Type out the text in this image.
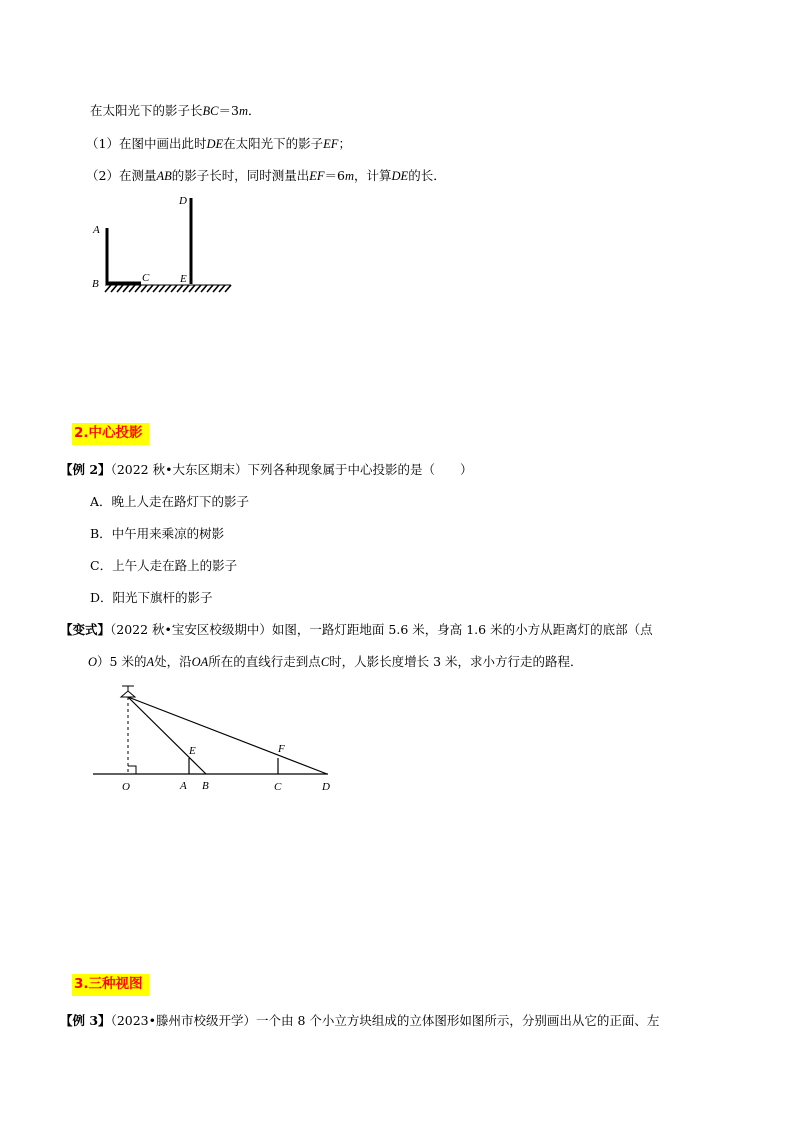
在太阳光下的影子长BC＝3m．
（1）在图中画出此时DE在太阳光下的影子EF；
（2）在测量AB的影子长时，同时测量出EF＝6m，计算DE的长．
A
B	C
D
E
2.中心投影
【例 2】（2022 秋•大东区期末）下列各种现象属于中心投影的是（　　）
A．晚上人走在路灯下的影子
B．中午用来乘凉的树影
C．上午人走在路上的影子
D．阳光下旗杆的影子
【变式】（2022 秋•宝安区校级期中）如图，一路灯距地面 5.6 米，身高 1.6 米的小方从距离灯的底部（点
O）5 米的A处，沿OA所在的直线行走到点C时，人影长度增长 3 米，求小方行走的路程．
E	F
O	A B	C	D
3.三种视图
【例 3】（2023•滕州市校级开学）一个由 8 个小立方块组成的立体图形如图所示，分别画出从它的正面、左
